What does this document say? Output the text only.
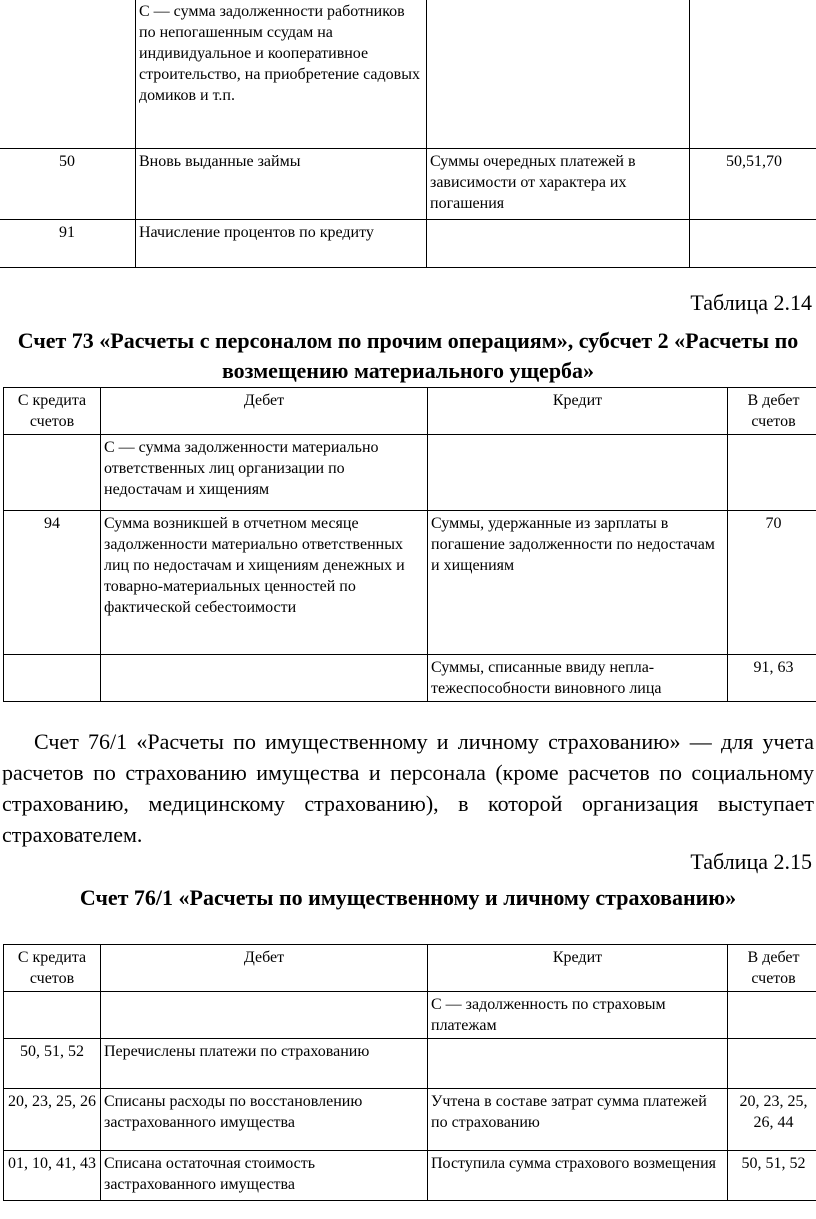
	С — сумма задолженности работников по непогашенным ссудам на индивидуальное и кооперативное строительство, на приобретение садовых домиков и т.п.		
50	Вновь выданные займы	Суммы очередных платежей в зависимости от характера их погашения	50,51,70
91	Начисление процентов по кредиту		
Таблица 2.14
Счет 73 «Расчеты с персоналом по прочим операциям», субсчет 2 «Расчеты по возмещению материального ущерба»
С кредита счетов	Дебет	Кредит	В дебет счетов

	С — сумма задолженности материально ответственных лиц организации по недостачам и хищениям		

94	Сумма возникшей в отчетном месяце задолженности материально ответственных лиц по недостачам и хищениям денежных и товарно-материальных ценностей по фактической себестоимости	Суммы, удержанные из зарплаты в погашение задолженности по недостачам и хищениям	70
		Суммы, списанные ввиду непла-тежеспособности виновного лица	91, 63
Счет 76/1 «Расчеты по имущественному и личному страхованию» — для учета расчетов по страхованию имущества и персонала (кроме расчетов по социальному страхованию, медицинскому страхованию), в которой организация выступает страхователем.
Таблица 2.15
Счет 76/1 «Расчеты по имущественному и личному страхованию»
С кредита счетов	Дебет	Кредит	В дебет счетов
		С — задолженность по страховым платежам	
50, 51, 52	Перечислены платежи по страхованию		
20, 23, 25, 26	Списаны расходы по восстановлению застрахованного имущества	Учтена в составе затрат сумма платежей по страхованию	20, 23, 25, 26, 44
01, 10, 41, 43	Списана остаточная стоимость застрахованного имущества	Поступила сумма страхового возмещения	50, 51, 52
